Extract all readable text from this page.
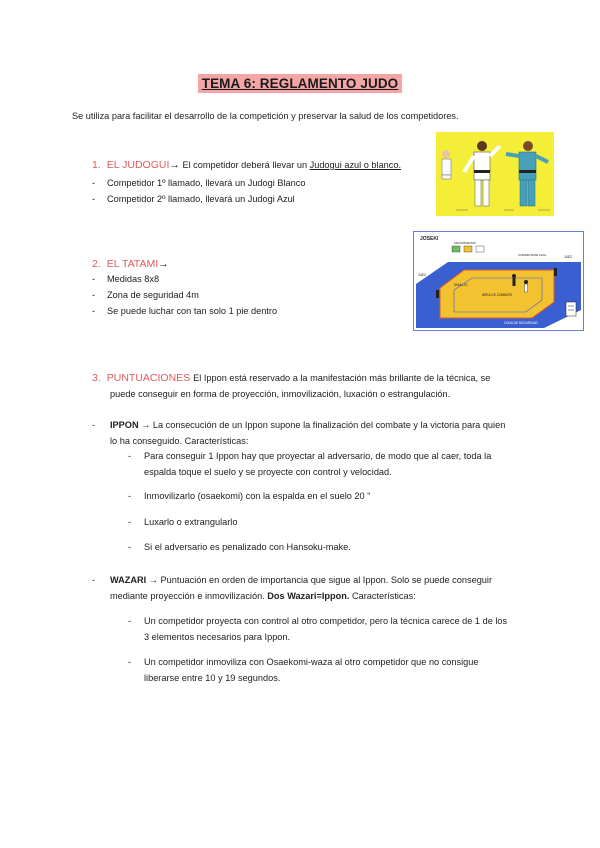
TEMA 6: REGLAMENTO JUDO
Se utiliza para facilitar el desarrollo de la competición y preservar la salud de los competidores.
1. EL JUDOGUI→ El competidor deberá llevar un Judogui azul o blanco.
- Competidor 1º llamado, llevará un Judogi Blanco
- Competidor 2º llamado, llevará un Judogi Azul
2. EL TATAMI→
- Medidas 8x8
- Zona de seguridad 4m
- Se puede luchar con tan solo 1 pie dentro
JOSEKI
CRONÓMETRO
COMPETIDOR AZUL
ÁREA DE COMBATE
SHIAI-JO
ZONA DE SEGURIDAD
JUEZ
JUEZ
3. PUNTUACIONES El Ippon está reservado a la manifestación más brillante de la técnica, se
puede conseguir en forma de proyección, inmovilización, luxación o estrangulación.
- IPPON → La consecución de un Ippon supone la finalización del combate y la victoria para quien
lo ha conseguido. Características:
- Para conseguir 1 Ippon hay que proyectar al adversario, de modo que al caer, toda la
espalda toque el suelo y se proyecte con control y velocidad.
- Inmovilizarlo (osaekomi) con la espalda en el suelo 20 ”
- Luxarlo o extrangularlo
- Si el adversario es penalizado con Hansoku-make.
- WAZARI → Puntuación en orden de importancia que sigue al Ippon. Solo se puede conseguir
mediante proyección e inmovilización. Dos Wazari=Ippon. Características:
- Un competidor proyecta con control al otro competidor, pero la técnica carece de 1 de los
3 elementos necesarios para Ippon.
- Un competidor inmoviliza con Osaekomi-waza al otro competidor que no consigue
liberarse entre 10 y 19 segundos.
